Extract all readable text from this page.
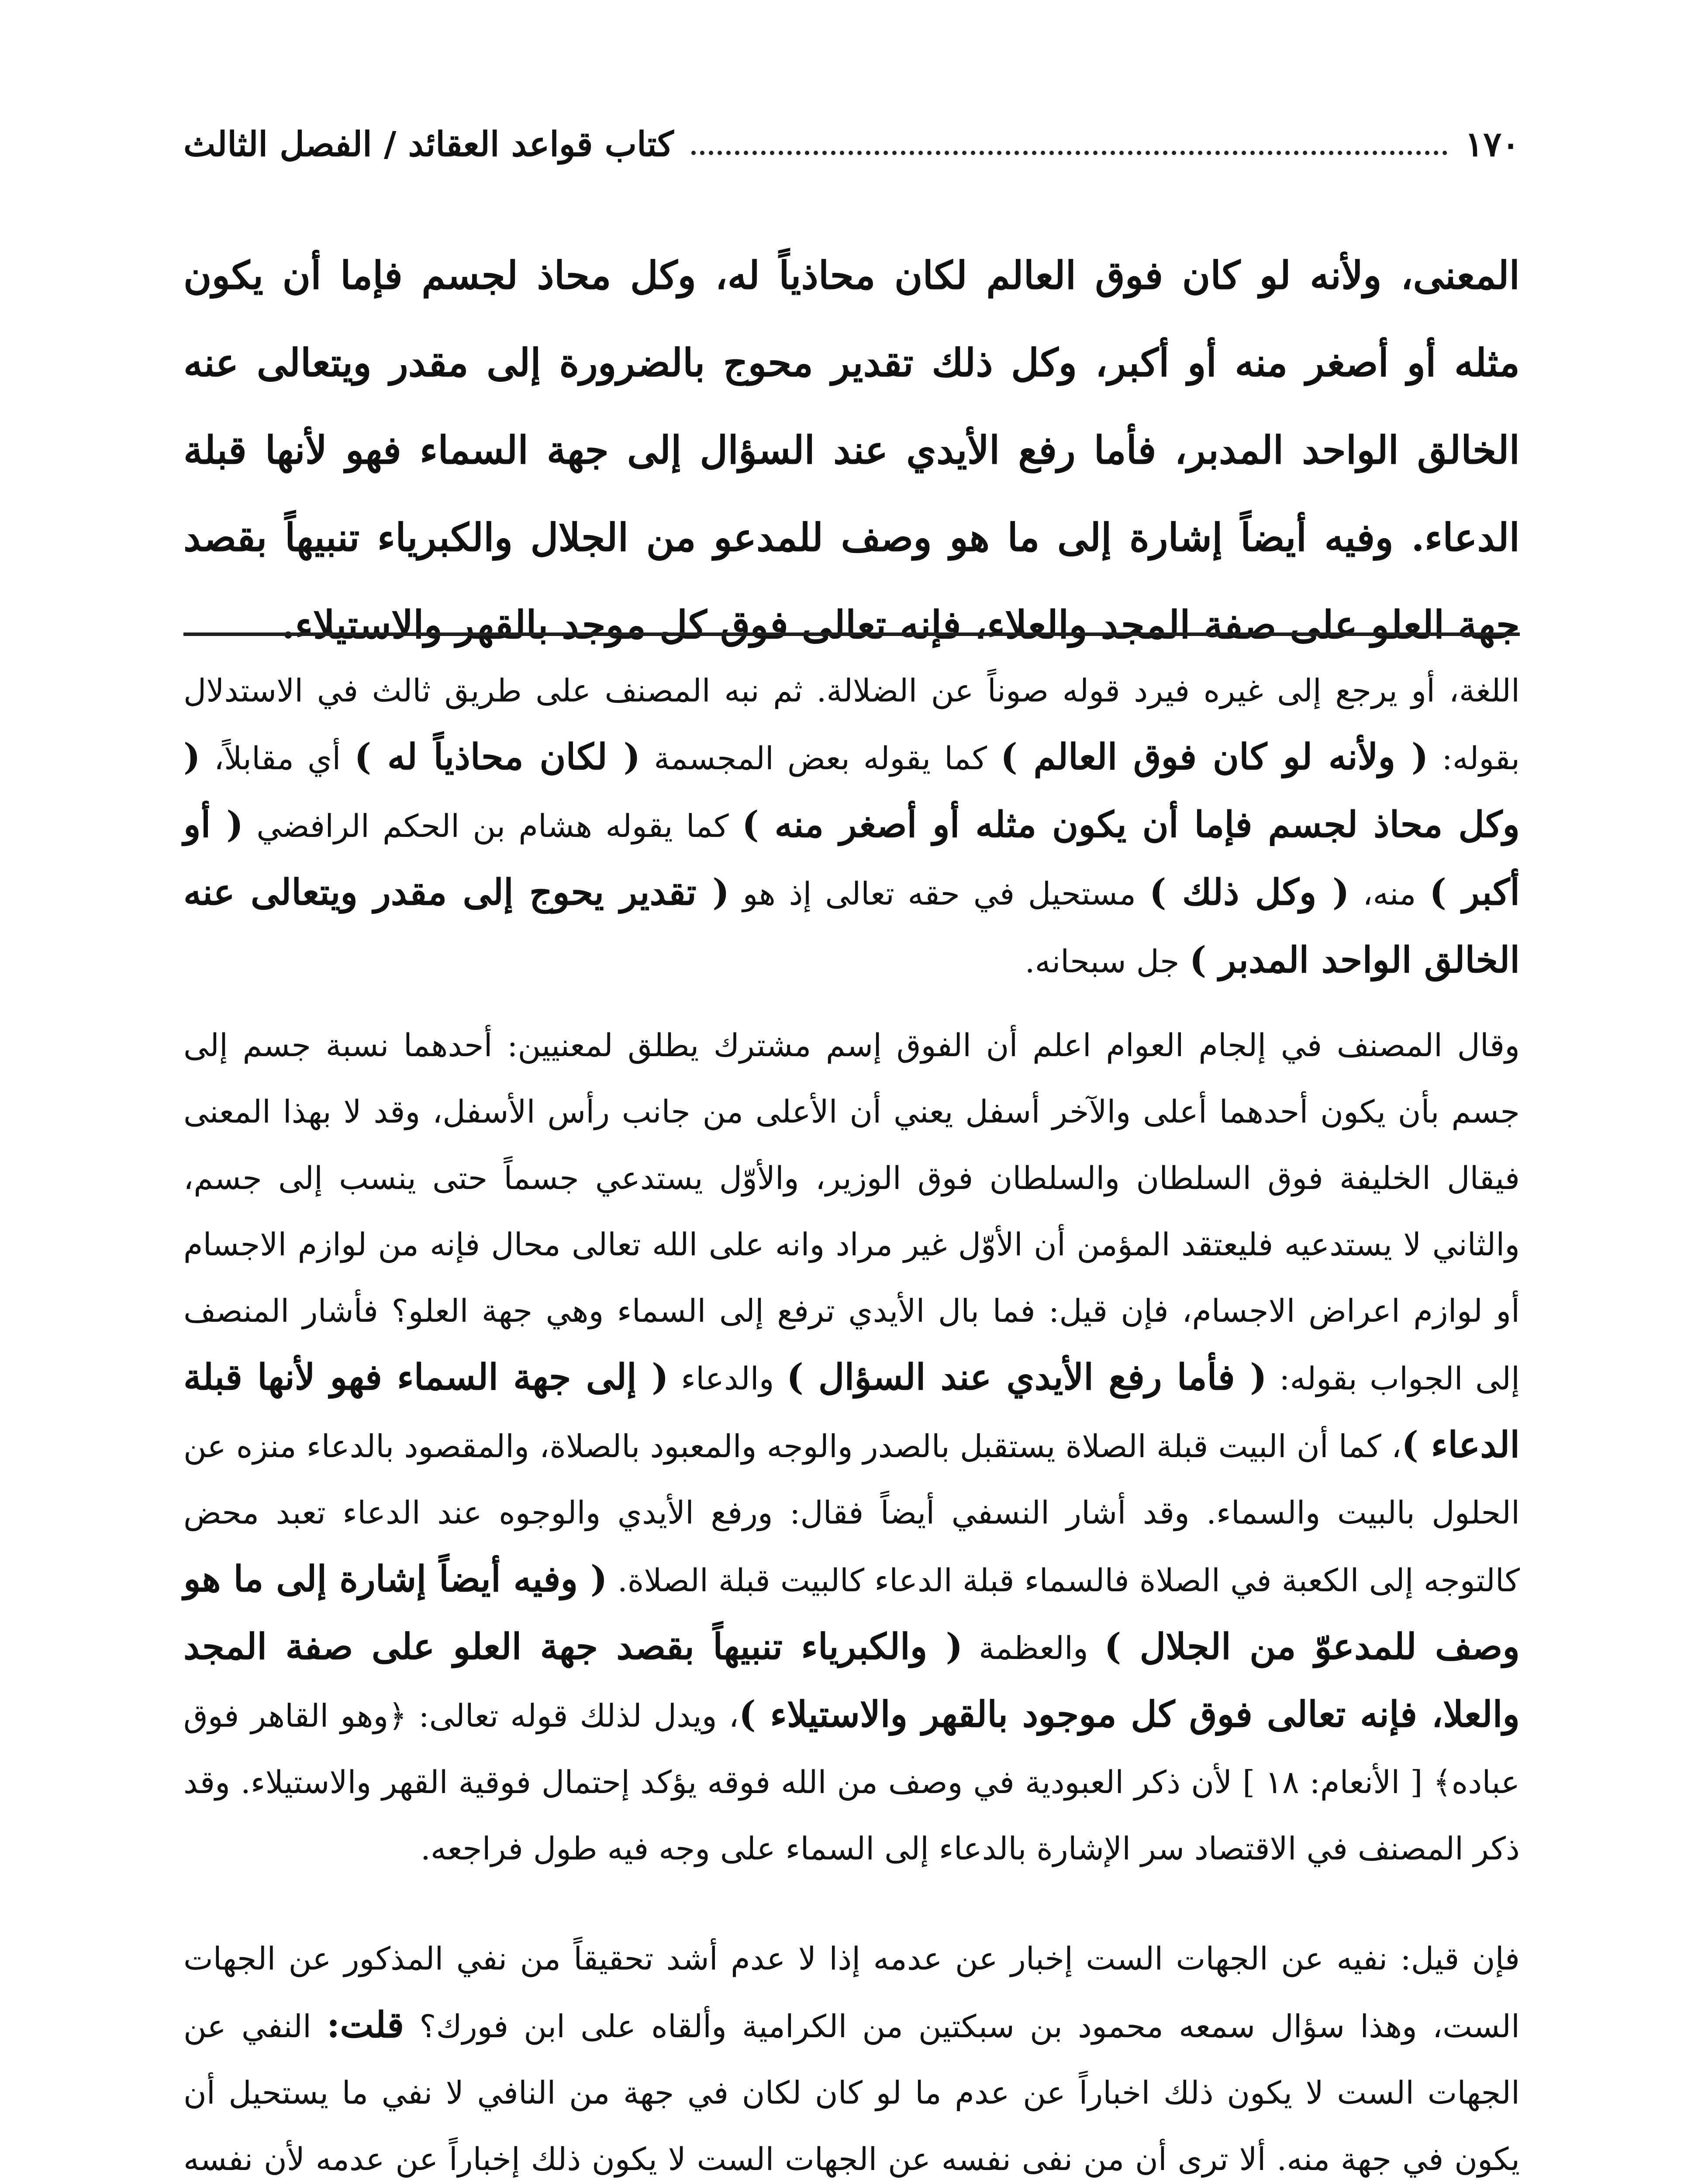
١٧٠
كتاب قواعد العقائد / الفصل الثالث
المعنى، ولأنه لو كان فوق العالم لكان محاذياً له، وكل محاذ لجسم فإما أن يكون مثله أو أصغر منه أو أكبر، وكل ذلك تقدير محوج بالضرورة إلى مقدر ويتعالى عنه الخالق الواحد المدبر، فأما رفع الأيدي عند السؤال إلى جهة السماء فهو لأنها قبلة الدعاء. وفيه أيضاً إشارة إلى ما هو وصف للمدعو من الجلال والكبرياء تنبيهاً بقصد جهة العلو على صفة المجد والعلاء، فإنه تعالى فوق كل موجد بالقهر والاستيلاء.

اللغة، أو يرجع إلى غيره فيرد قوله صوناً عن الضلالة. ثم نبه المصنف على طريق ثالث في الاستدلال بقوله: ( ولأنه لو كان فوق العالم ) كما يقوله بعض المجسمة ( لكان محاذياً له ) أي مقابلاً، ( وكل محاذ لجسم فإما أن يكون مثله أو أصغر منه ) كما يقوله هشام بن الحكم الرافضي ( أو أكبر ) منه، ( وكل ذلك ) مستحيل في حقه تعالى إذ هو ( تقدير يحوج إلى مقدر ويتعالى عنه الخالق الواحد المدبر ) جل سبحانه.

وقال المصنف في إلجام العوام اعلم أن الفوق إسم مشترك يطلق لمعنيين: أحدهما نسبة جسم إلى جسم بأن يكون أحدهما أعلى والآخر أسفل يعني أن الأعلى من جانب رأس الأسفل، وقد لا بهذا المعنى فيقال الخليفة فوق السلطان والسلطان فوق الوزير، والأوّل يستدعي جسماً حتى ينسب إلى جسم، والثاني لا يستدعيه فليعتقد المؤمن أن الأوّل غير مراد وانه على الله تعالى محال فإنه من لوازم الاجسام أو لوازم اعراض الاجسام، فإن قيل: فما بال الأيدي ترفع إلى السماء وهي جهة العلو؟ فأشار المنصف إلى الجواب بقوله: ( فأما رفع الأيدي عند السؤال ) والدعاء ( إلى جهة السماء فهو لأنها قبلة الدعاء )، كما أن البيت قبلة الصلاة يستقبل بالصدر والوجه والمعبود بالصلاة، والمقصود بالدعاء منزه عن الحلول بالبيت والسماء. وقد أشار النسفي أيضاً فقال: ورفع الأيدي والوجوه عند الدعاء تعبد محض كالتوجه إلى الكعبة في الصلاة فالسماء قبلة الدعاء كالبيت قبلة الصلاة. ( وفيه أيضاً إشارة إلى ما هو وصف للمدعوّ من الجلال ) والعظمة ( والكبرياء تنبيهاً بقصد جهة العلو على صفة المجد والعلا، فإنه تعالى فوق كل موجود بالقهر والاستيلاء )، ويدل لذلك قوله تعالى: ﴿وهو القاهر فوق عباده﴾ [ الأنعام: ١٨ ] لأن ذكر العبودية في وصف من الله فوقه يؤكد إحتمال فوقية القهر والاستيلاء. وقد ذكر المصنف في الاقتصاد سر الإشارة بالدعاء إلى السماء على وجه فيه طول فراجعه.

فإن قيل: نفيه عن الجهات الست إخبار عن عدمه إذا لا عدم أشد تحقيقاً من نفي المذكور عن الجهات الست، وهذا سؤال سمعه محمود بن سبكتين من الكرامية وألقاه على ابن فورك؟ قلت: النفي عن الجهات الست لا يكون ذلك اخباراً عن عدم ما لو كان لكان في جهة من النافي لا نفي ما يستحيل أن يكون في جهة منه. ألا ترى أن من نفى نفسه عن الجهات الست لا يكون ذلك إخباراً عن عدمه لأن نفسه
